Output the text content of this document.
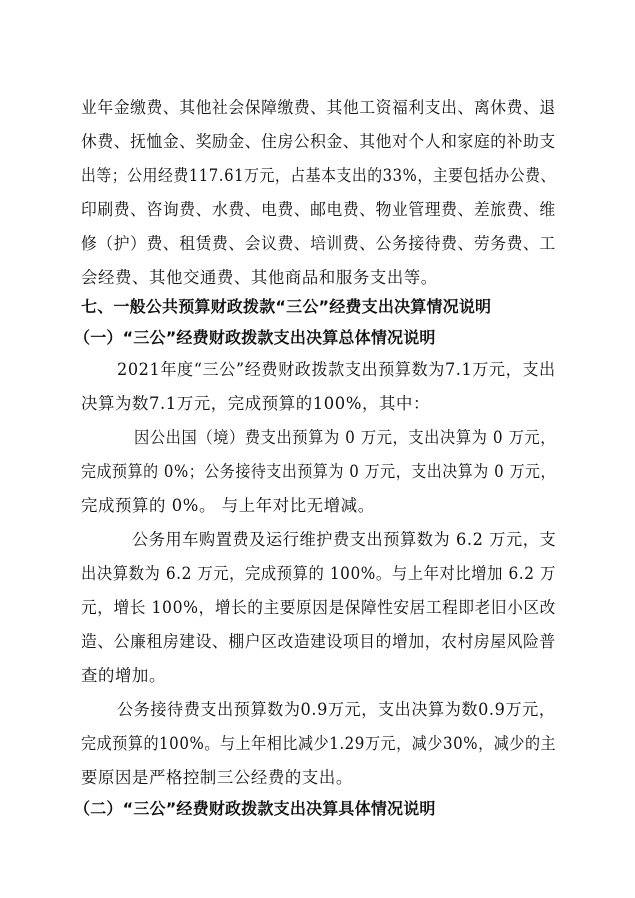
业年金缴费、其他社会保障缴费、其他工资福利支出、离休费、退
休费、抚恤金、奖励金、住房公积金、其他对个人和家庭的补助支
出等；公用经费117.61万元，占基本支出的33%，主要包括办公费、
印刷费、咨询费、水费、电费、邮电费、物业管理费、差旅费、维
修（护）费、租赁费、会议费、培训费、公务接待费、劳务费、工
会经费、其他交通费、其他商品和服务支出等。
七、一般公共预算财政拨款“三公”经费支出决算情况说明
（一）“三公”经费财政拨款支出决算总体情况说明
2021年度“三公”经费财政拨款支出预算数为7.1万元，支出
决算为数7.1万元，完成预算的100%，其中：
因公出国（境）费支出预算为 0 万元，支出决算为 0 万元，
完成预算的 0%；公务接待支出预算为 0 万元，支出决算为 0 万元，
完成预算的 0%。 与上年对比无增减。
公务用车购置费及运行维护费支出预算数为 6.2 万元，支
出决算数为 6.2 万元，完成预算的 100%。与上年对比增加 6.2 万
元，增长 100%，增长的主要原因是保障性安居工程即老旧小区改
造、公廉租房建设、棚户区改造建设项目的增加，农村房屋风险普
查的增加。
公务接待费支出预算数为0.9万元，支出决算为数0.9万元，
完成预算的100%。与上年相比减少1.29万元，减少30%，减少的主
要原因是严格控制三公经费的支出。
（二）“三公”经费财政拨款支出决算具体情况说明
